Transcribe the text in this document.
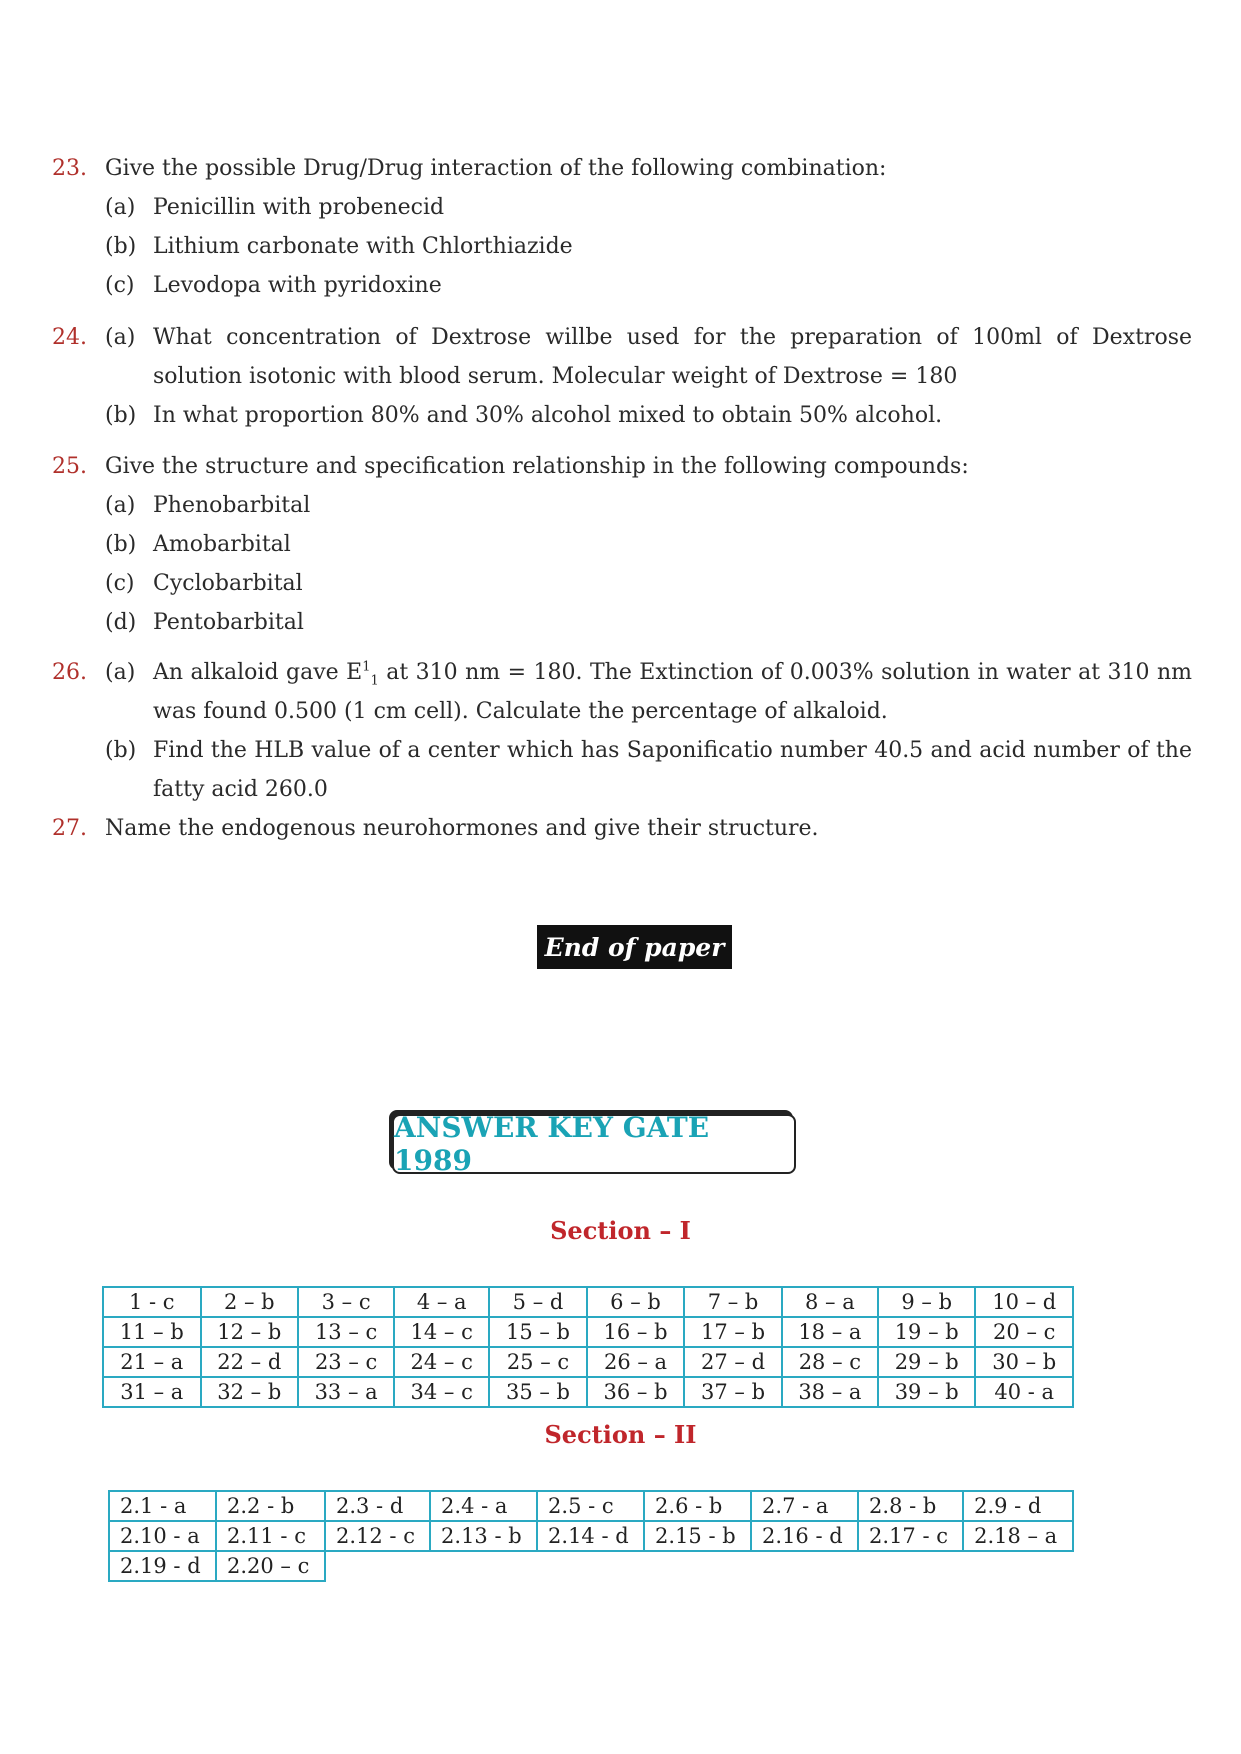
23. Give the possible Drug/Drug interaction of the following combination:
(a) Penicillin with probenecid
(b) Lithium carbonate with Chlorthiazide
(c) Levodopa with pyridoxine
24. (a) What concentration of Dextrose willbe used for the preparation of 100ml of Dextrose solution isotonic with blood serum. Molecular weight of Dextrose = 180
(b) In what proportion 80% and 30% alcohol mixed to obtain 50% alcohol.
25. Give the structure and specification relationship in the following compounds:
(a) Phenobarbital
(b) Amobarbital
(c) Cyclobarbital
(d) Pentobarbital
26. (a) An alkaloid gave $E^1_1$ at 310 nm = 180. The Extinction of 0.003% solution in water at 310 nm was found 0.500 (1 cm cell). Calculate the percentage of alkaloid.
(b) Find the HLB value of a center which has Saponificatio number 40.5 and acid number of the fatty acid 260.0
27. Name the endogenous neurohormones and give their structure.
End of paper
ANSWER KEY GATE 1989
Section – I
1 - c	2 – b	3 – c	4 – a	5 – d	6 – b	7 – b	8 – a	9 – b	10 – d
11 – b	12 – b	13 – c	14 – c	15 – b	16 – b	17 – b	18 – a	19 – b	20 – c
21 – a	22 – d	23 – c	24 – c	25 – c	26 – a	27 – d	28 – c	29 – b	30 – b
31 – a	32 – b	33 – a	34 – c	35 – b	36 – b	37 – b	38 – a	39 – b	40 - a
Section – II
2.1 - a	2.2 - b	2.3 - d	2.4 - a	2.5 - c	2.6 - b	2.7 - a	2.8 - b	2.9 - d
2.10 - a	2.11 - c	2.12 - c	2.13 - b	2.14 - d	2.15 - b	2.16 - d	2.17 - c	2.18 – a
2.19 - d	2.20 – c							
